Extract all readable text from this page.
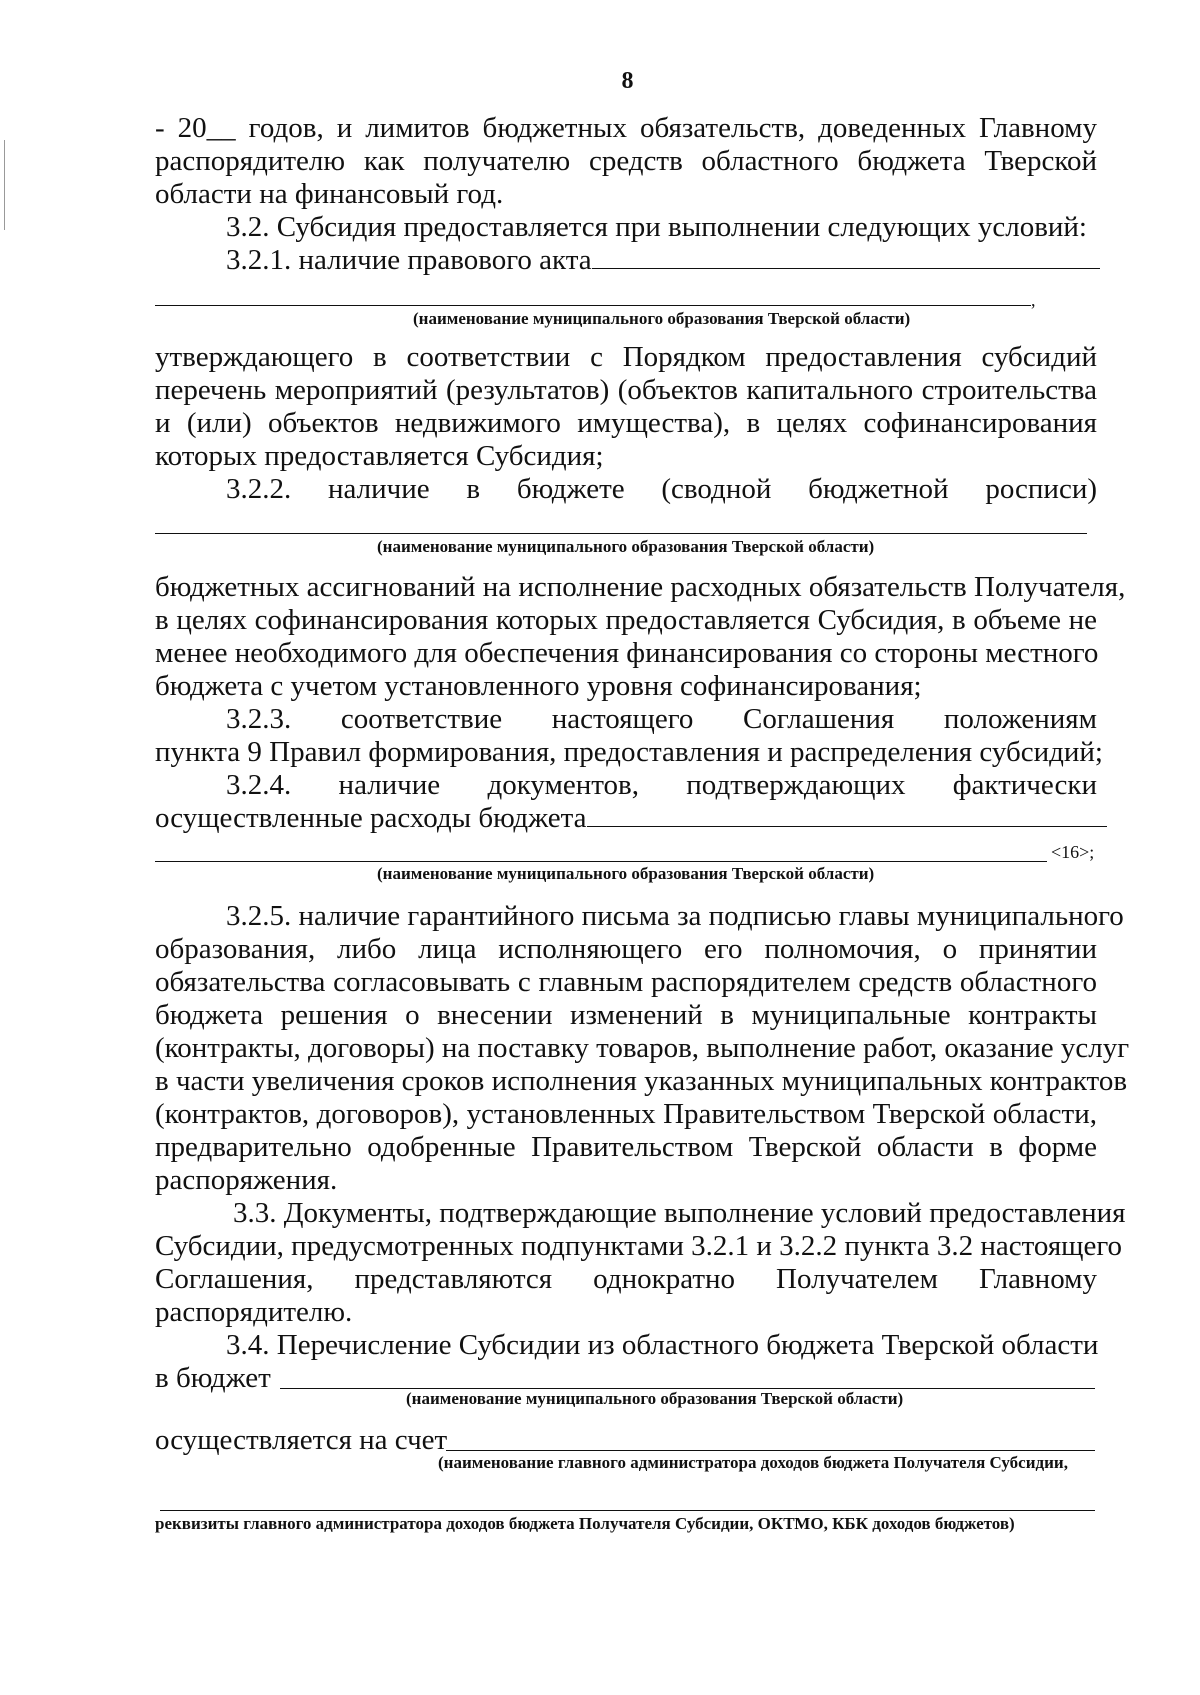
8
- 20__ годов, и лимитов бюджетных обязательств, доведенных Главному
распорядителю как получателю средств областного бюджета Тверской
области на финансовый год.
3.2. Субсидия предоставляется при выполнении следующих условий:
3.2.1. наличие правового акта
,
(наименование муниципального образования Тверской области)
утверждающего в соответствии с Порядком предоставления субсидий
перечень мероприятий (результатов) (объектов капитального строительства
и (или) объектов недвижимого имущества), в целях софинансирования
которых предоставляется Субсидия;
3.2.2. наличие в бюджете (сводной бюджетной росписи)
(наименование муниципального образования Тверской области)
бюджетных ассигнований на исполнение расходных обязательств Получателя,
в целях софинансирования которых предоставляется Субсидия, в объеме не
менее необходимого для обеспечения финансирования со стороны местного
бюджета с учетом установленного уровня софинансирования;
3.2.3. соответствие настоящего Соглашения положениям
пункта 9 Правил формирования, предоставления и распределения субсидий;
3.2.4. наличие документов, подтверждающих фактически
осуществленные расходы бюджета
<16>;
(наименование муниципального образования Тверской области)
3.2.5. наличие гарантийного письма за подписью главы муниципального
образования, либо лица исполняющего его полномочия, о принятии
обязательства согласовывать с главным распорядителем средств областного
бюджета решения о внесении изменений в муниципальные контракты
(контракты, договоры) на поставку товаров, выполнение работ, оказание услуг
в части увеличения сроков исполнения указанных муниципальных контрактов
(контрактов, договоров), установленных Правительством Тверской области,
предварительно одобренные Правительством Тверской области в форме
распоряжения.
3.3. Документы, подтверждающие выполнение условий предоставления
Субсидии, предусмотренных подпунктами 3.2.1 и 3.2.2 пункта 3.2 настоящего
Соглашения, представляются однократно Получателем Главному
распорядителю.
3.4. Перечисление Субсидии из областного бюджета Тверской области
в бюджет
(наименование муниципального образования Тверской области)
осуществляется на счет
(наименование главного администратора доходов бюджета Получателя Субсидии,
реквизиты главного администратора доходов бюджета Получателя Субсидии, ОКТМО, КБК доходов бюджетов)
